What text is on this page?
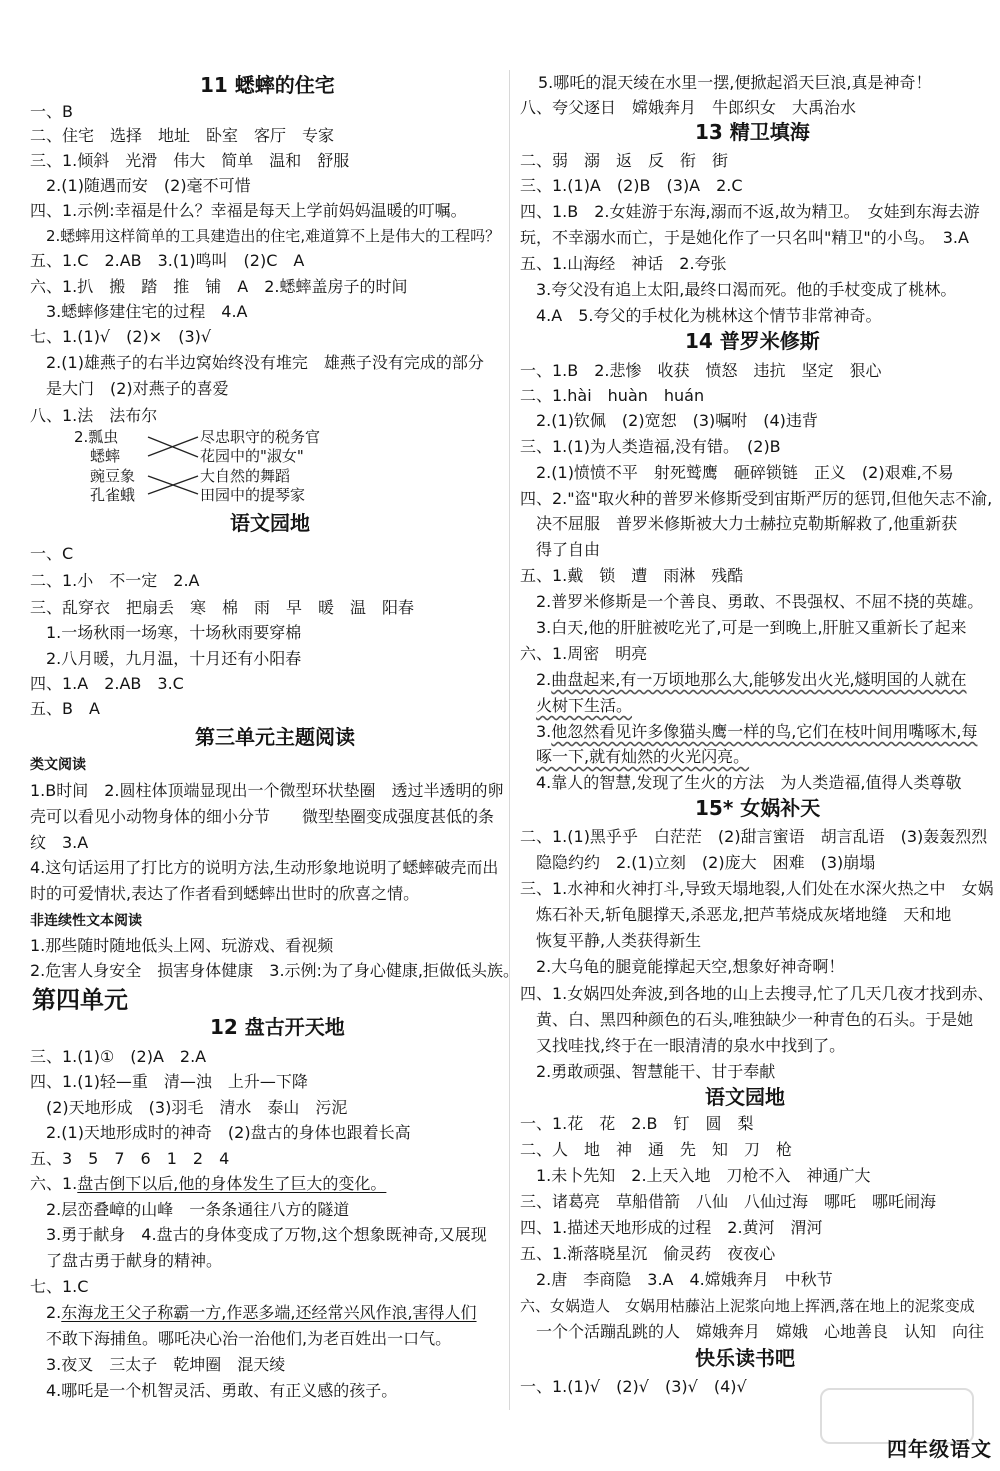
11 蟋蟀的住宅
一、B
二、住宅　选择　地址　卧室　客厅　专家
三、1.倾斜　光滑　伟大　简单　温和　舒服
2.(1)随遇而安　(2)毫不可惜
四、1.示例:幸福是什么？幸福是每天上学前妈妈温暖的叮嘱。
2.蟋蟀用这样简单的工具建造出的住宅,难道算不上是伟大的工程吗？
五、1.C　2.AB　3.(1)鸣叫　(2)C　A
六、1.扒　搬　踏　推　铺　A　2.蟋蟀盖房子的时间
3.蟋蟀修建住宅的过程　4.A
七、1.(1)√　(2)×　(3)√
2.(1)雄燕子的右半边窝始终没有堆完　雄燕子没有完成的部分
是大门　(2)对燕子的喜爱
八、1.法　法布尔
2.瓢虫
蟋蟀
豌豆象
孔雀蛾
尽忠职守的税务官
花园中的"淑女"
大自然的舞蹈
田园中的提琴家
语文园地
一、C
二、1.小　不一定　2.A
三、乱穿衣　把扇丢　寒　棉　雨　早　暖　温　阳春
1.一场秋雨一场寒，十场秋雨要穿棉
2.八月暖，九月温，十月还有小阳春
四、1.A　2.AB　3.C
五、B　A
第三单元主题阅读
类文阅读
1.B时间　2.圆柱体顶端显现出一个微型环状垫圈　透过半透明的卵
壳可以看见小动物身体的细小分节　　微型垫圈变成强度甚低的条
纹　3.A
4.这句话运用了打比方的说明方法,生动形象地说明了蟋蟀破壳而出
时的可爱情状,表达了作者看到蟋蟀出世时的欣喜之情。
非连续性文本阅读
1.那些随时随地低头上网、玩游戏、看视频
2.危害人身安全　损害身体健康　3.示例:为了身心健康,拒做低头族。
第四单元
12 盘古开天地
三、1.(1)①　(2)A　2.A
四、1.(1)轻—重　清—浊　上升—下降
(2)天地形成　(3)羽毛　清水　泰山　污泥
2.(1)天地形成时的神奇　(2)盘古的身体也跟着长高
五、3　5　7　6　1　2　4
六、1.盘古倒下以后,他的身体发生了巨大的变化。
2.层峦叠嶂的山峰　一条条通往八方的隧道
3.勇于献身　4.盘古的身体变成了万物,这个想象既神奇,又展现
了盘古勇于献身的精神。
七、1.C
2.东海龙王父子称霸一方,作恶多端,还经常兴风作浪,害得人们
不敢下海捕鱼。哪吒决心治一治他们,为老百姓出一口气。
3.夜叉　三太子　乾坤圈　混天绫
4.哪吒是一个机智灵活、勇敢、有正义感的孩子。
5.哪吒的混天绫在水里一摆,便掀起滔天巨浪,真是神奇！
八、夸父逐日　嫦娥奔月　牛郎织女　大禹治水
13 精卫填海
二、弱　溺　返　反　衔　街
三、1.(1)A　(2)B　(3)A　2.C
四、1.B　2.女娃游于东海,溺而不返,故为精卫。　女娃到东海去游
玩，不幸溺水而亡，于是她化作了一只名叫"精卫"的小鸟。　3.A
五、1.山海经　神话　2.夸张
3.夸父没有追上太阳,最终口渴而死。他的手杖变成了桃林。
4.A　5.夸父的手杖化为桃林这个情节非常神奇。
14 普罗米修斯
一、1.B　2.悲惨　收获　愤怒　违抗　坚定　狠心
二、1.hài　huàn　huán
2.(1)钦佩　(2)宽恕　(3)嘱咐　(4)违背
三、1.(1)为人类造福,没有错。　(2)B
2.(1)愤愤不平　射死鹫鹰　砸碎锁链　正义　(2)艰难,不易
四、2."盗"取火种的普罗米修斯受到宙斯严厉的惩罚,但他矢志不渝,
决不屈服　普罗米修斯被大力士赫拉克勒斯解救了,他重新获
得了自由
五、1.戴　锁　遭　雨淋　残酷
2.普罗米修斯是一个善良、勇敢、不畏强权、不屈不挠的英雄。
3.白天,他的肝脏被吃光了,可是一到晚上,肝脏又重新长了起来
六、1.周密　明亮
2.曲盘起来,有一万顷地那么大,能够发出火光,燧明国的人就在
火树下生活。
3.他忽然看见许多像猫头鹰一样的鸟,它们在枝叶间用嘴啄木,每
啄一下,就有灿然的火光闪亮。
4.靠人的智慧,发现了生火的方法　为人类造福,值得人类尊敬
15* 女娲补天
二、1.(1)黑乎乎　白茫茫　(2)甜言蜜语　胡言乱语　(3)轰轰烈烈
隐隐约约　2.(1)立刻　(2)庞大　困难　(3)崩塌
三、1.水神和火神打斗,导致天塌地裂,人们处在水深火热之中　女娲
炼石补天,斩龟腿撑天,杀恶龙,把芦苇烧成灰堵地缝　天和地
恢复平静,人类获得新生
2.大乌龟的腿竟能撑起天空,想象好神奇啊！
四、1.女娲四处奔波,到各地的山上去搜寻,忙了几天几夜才找到赤、
黄、白、黑四种颜色的石头,唯独缺少一种青色的石头。于是她
又找哇找,终于在一眼清清的泉水中找到了。
2.勇敢顽强、智慧能干、甘于奉献
语文园地
一、1.花　花　2.B　钉　圆　梨
二、人　地　神　通　先　知　刀　枪
1.未卜先知　2.上天入地　刀枪不入　神通广大
三、诸葛亮　草船借箭　八仙　八仙过海　哪吒　哪吒闹海
四、1.描述天地形成的过程　2.黄河　渭河
五、1.渐落晓星沉　偷灵药　夜夜心
2.唐　李商隐　3.A　4.嫦娥奔月　中秋节
六、女娲造人　女娲用枯藤沾上泥浆向地上挥洒,落在地上的泥浆变成
一个个活蹦乱跳的人　嫦娥奔月　嫦娥　心地善良　认知　向往
快乐读书吧
一、1.(1)√　(2)√　(3)√　(4)√
四年级语文
